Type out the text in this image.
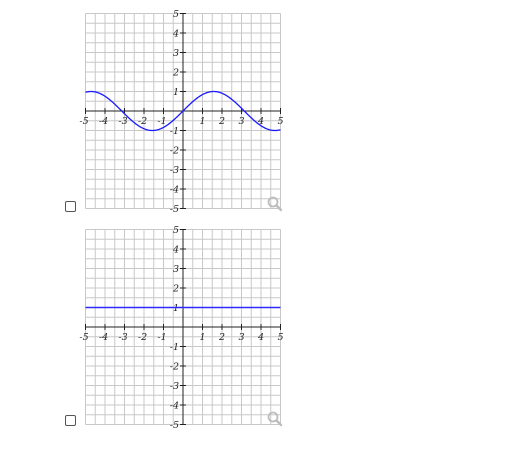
-5 -4 -3 -2 -1	1 2 3 4 5
5
4
3
2
1
-1
-2
-3
-4
-5
-5 -4 -3 -2 -1	1 2 3 4 5
5
4
3
2
1
-1
-2
-3
-4
-5
